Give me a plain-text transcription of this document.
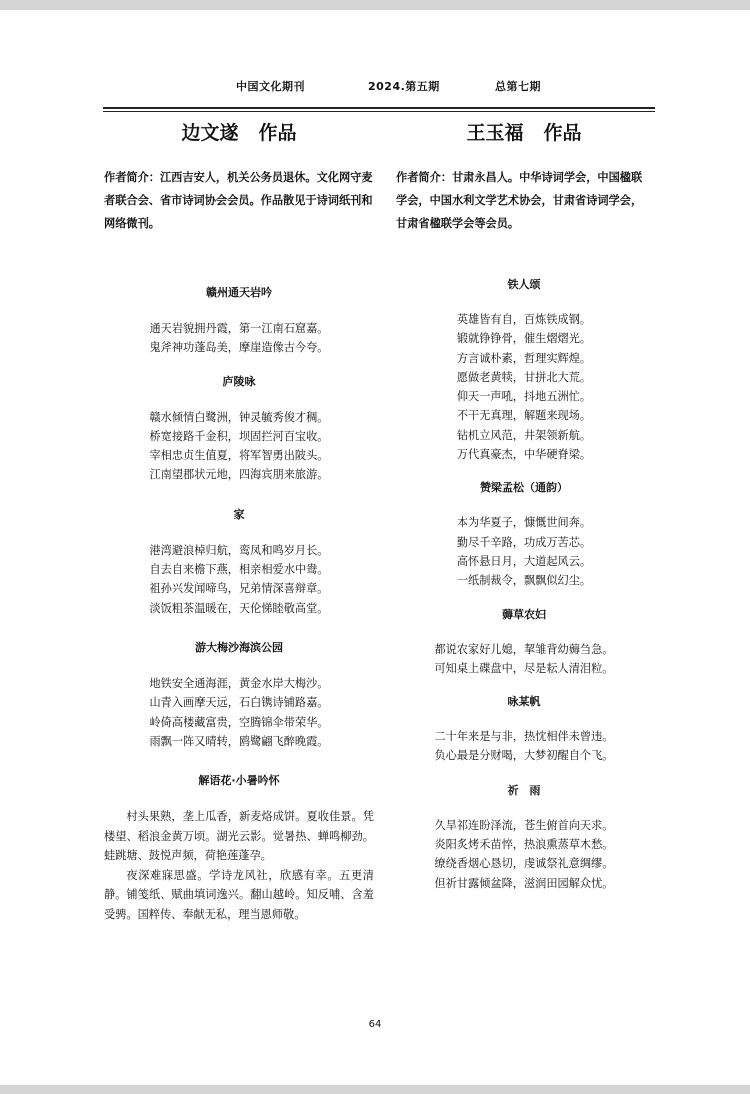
中国文化期刊	2024.第五期	总第七期
边文遂 作品

作者简介：江西吉安人，机关公务员退休。文化网守麦者联合会、省市诗词协会会员。作品散见于诗词纸刊和网络微刊。

赣州通天岩吟
通天岩貌拥丹霞，第一江南石窟嘉。
鬼斧神功蓬岛美，摩崖造像古今夸。
庐陵咏
赣水倾情白鹭洲，钟灵毓秀俊才稠。
桥宽接路千金积，坝固拦河百宝收。
宰相忠贞生值夏，将军智勇出陂头。
江南望郡状元地，四海宾朋来旅游。
家
港湾避浪棹归航，鸾凤和鸣岁月长。
自去自来檐下燕，相亲相爱水中鸯。
祖孙兴发闻啼鸟，兄弟情深喜辩章。
淡饭粗茶温暖在，天伦悌睦敬高堂。
游大梅沙海滨公园
地铁安全通海涯，黄金水岸大梅沙。
山青入画摩天远，石白镌诗铺路嘉。
岭倚高楼藏富贵，空腾锦伞带荣华。
雨飘一阵又晴转，鸥鹭翩飞醉晚霞。
解语花·小暑吟怀

村头果熟，垄上瓜香，新麦烙成饼。夏收佳景。凭楼望、稻浪金黄万顷。湖光云影。觉暑热、蝉鸣柳劲。蛙跳塘、鼓悦声频，荷艳莲蓬孕。

夜深难寐思盛。学诗龙风社，欣感有幸。五更清静。铺笺纸、赋曲填词逸兴。翻山越岭。知反哺、含羞受骋。国粹传、奉献无私，理当恩师敬。

王玉福 作品

作者简介：甘肃永昌人。中华诗词学会，中国楹联学会，中国水利文学艺术协会，甘肃省诗词学会，甘肃省楹联学会等会员。

铁人颂
英雄皆有自，百炼铁成钢。
锻就铮铮骨，催生熠熠光。
方言诚朴素，哲理实辉煌。
愿做老黄犊，甘拼北大荒。
仰天一声吼，抖地五洲忙。
不干无真理，解题来现场。
钻机立风范，井架领新航。
万代真豪杰，中华硬脊梁。
赞梁孟松（通韵）
本为华夏子，慷慨世间奔。
勤尽千辛路，功成万苦芯。
高怀悬日月，大道起风云。
一纸制裁令，飘飘似幻尘。
薅草农妇
都说农家好儿媳，挈雏背幼薅刍急。
可知桌上碟盘中，尽是耘人清泪粒。
咏某帆
二十年来是与非，热忱相伴未曾违。
负心最是分财喝，大梦初醒自个飞。
祈　雨
久旱祁连盼泽流，苍生俯首向天求。
炎阳炙烤禾苗悴，热浪熏蒸草木愁。
缭绕香烟心恳切，虔诚祭礼意绸缪。
但祈甘露倾盆降，滋润田园解众忧。
64
